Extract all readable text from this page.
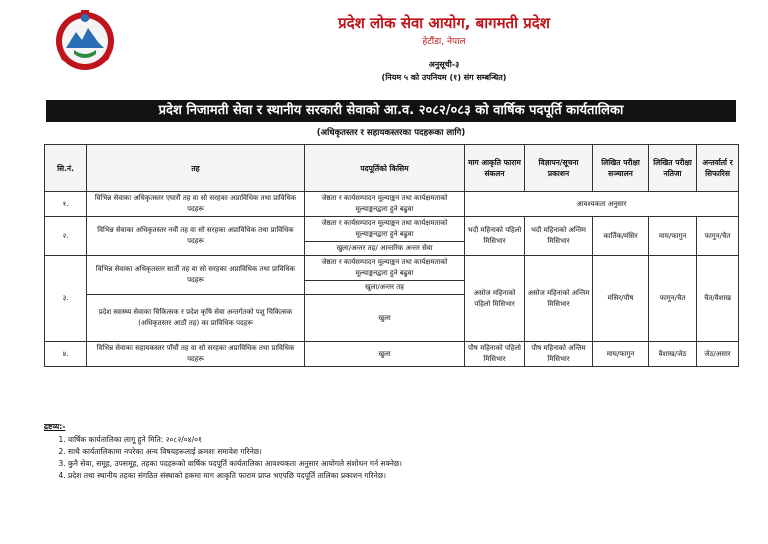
प्रदेश लोक सेवा आयोग, बागमती प्रदेश
हेटौंडा, नेपाल
अनुसूची-३
(नियम ५ को उपनियम (१) संग सम्बन्धित)
प्रदेश निजामती सेवा र स्थानीय सरकारी सेवाको आ.व. २०८२/०८३ को वार्षिक पदपूर्ति कार्यतालिका
(अधिकृतस्तर र सहायकस्तरका पदहरूका लागि)
सि.नं.	तह	पदपूर्तिको किसिम	माग आकृति फाराम संकलन	विज्ञापन/सूचना प्रकाशन	लिखित परीक्षा सञ्चालन	लिखित परीक्षा नतिजा	अन्तर्वार्ता र सिफारिस
१.	विभिन्न सेवाका अधिकृतस्तर एघारौं तह वा सो सरहका अप्राविधिक तथा प्राविधिक पदहरू	जेष्ठता र कार्यसम्पादन मूल्याङ्कन तथा कार्यक्षमताको मूल्याङ्कनद्वारा हुने बढुवा	आवश्यकता अनुसार				
२.	विभिन्न सेवाका अधिकृतस्तर नवौं तह वा सो सरहका अप्राविधिक तथा प्राविधिक पदहरू	जेष्ठता र कार्यसम्पादन मूल्याङ्कन तथा कार्यक्षमताको मूल्याङ्कनद्वारा हुने बढुवा	भदौ महिनाको पहिलो मिसिभार	भदौ महिनाको अन्तिम मिसिभार	कार्तिक/मंसिर	माघ/फागुन	फागुन/चैत
		खुला/अन्तर तह/ आन्तरिक अन्तर सेवा					
३.	विभिन्न सेवाका अधिकृतस्तर सातौं तह वा सो सरहका अप्राविधिक तथा प्राविधिक पदहरू	जेष्ठता र कार्यसम्पादन मूल्याङ्कन तथा कार्यक्षमताको मूल्याङ्कनद्वारा हुने बढुवा	असोज महिनाको पहिलो मिसिभार	असोज महिनाको अन्तिम मिसिभार	मंसिर/पौष	फागुन/चैत	चैत/वैशाख
		खुला/अन्तर तह					
	प्रदेश स्वास्थ्य सेवाका चिकित्सक र प्रदेश कृषि सेवा अन्तर्गतको पशु चिकित्सक (अधिकृतस्तर आठौं तह) का प्राविधिक पदहरू	खुला					
४.	विभिन्न सेवाका सहायकस्तर पाँचौं तह वा सो सरहका अप्राविधिक तथा प्राविधिक पदहरू	खुला	पौष महिनाको पहिलो मिसिभार	पौष महिनाको अन्तिम मिसिभार	माघ/फागुन	वैशाख/जेठ	जेठ/असार
द्रष्टव्य:-
1. वार्षिक कार्यतालिका लागू हुने मिति: २०८२/०४/०१
2. साथै कार्यतालिकामा नपरेका अन्य विषयहरूलाई क्रमशः समावेश गरिनेछ।
3. कुनै सेवा, समूह, उपसमूह, तहका पदहरूको वार्षिक पदपूर्ति कार्यतालिका आवश्यकता अनुसार आयोगले संशोधन गर्न सक्नेछ।
4. प्रदेश तथा स्थानीय तहका संगठित संस्थाको हकमा माग आकृति फाराम प्राप्त भएपछि पदपूर्ति तालिका प्रकाशन गरिनेछ।
